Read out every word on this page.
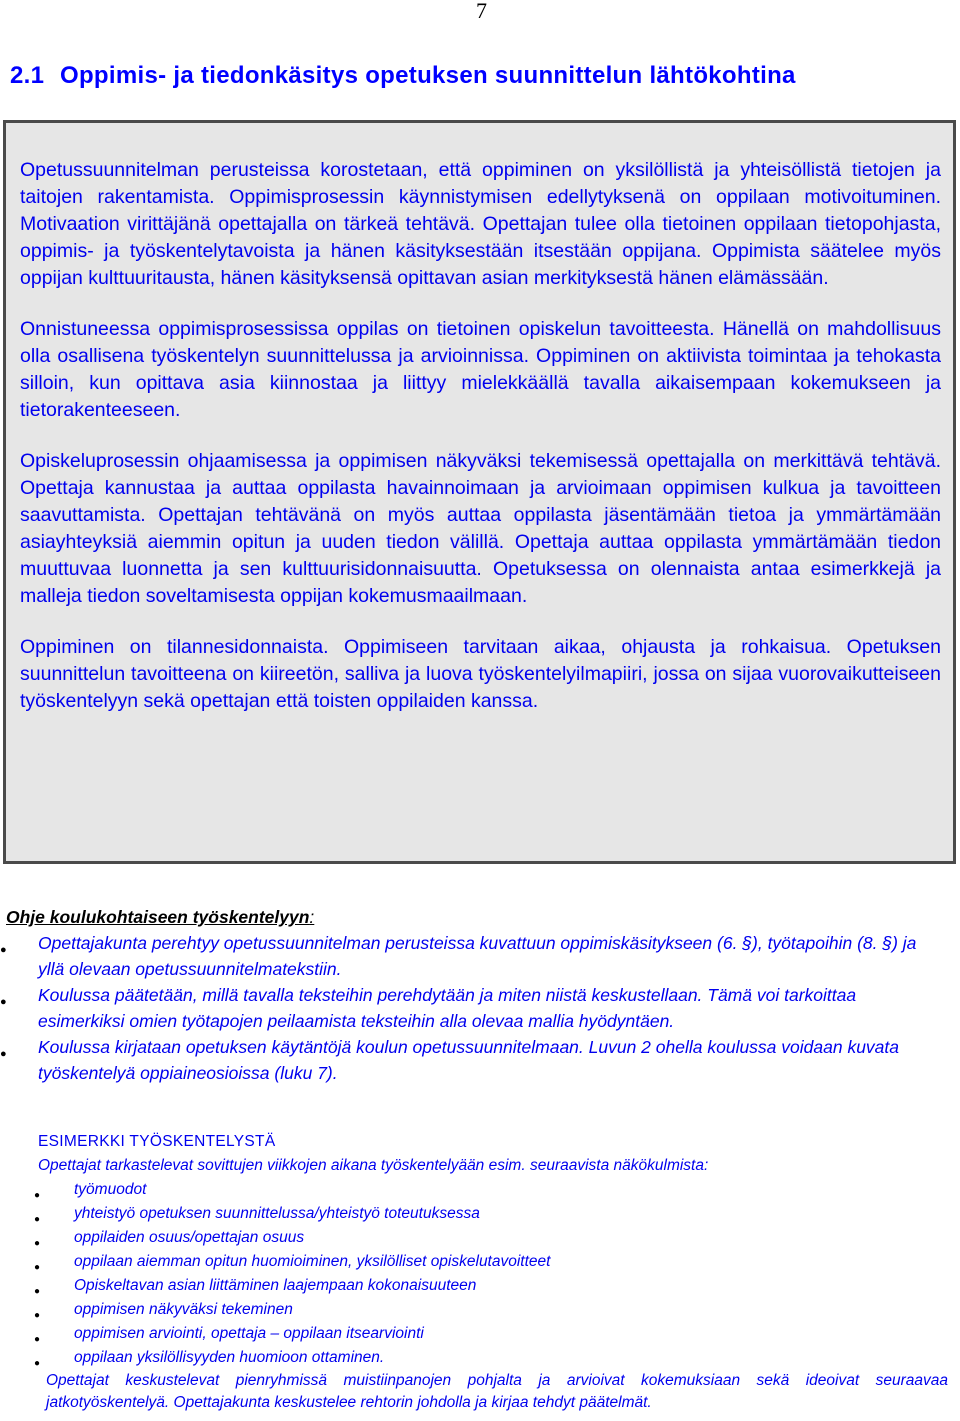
7
2.1 Oppimis- ja tiedonkäsitys opetuksen suunnittelun lähtökohtina

Opetussuunnitelman perusteissa korostetaan, että oppiminen on yksilöllistä ja yhteisöllistä tietojen ja taitojen rakentamista. Oppimisprosessin käynnistymisen edellytyksenä on oppilaan motivoituminen. Motivaation virittäjänä opettajalla on tärkeä tehtävä. Opettajan tulee olla tietoinen oppilaan tietopohjasta, oppimis- ja työskentelytavoista ja hänen käsityksestään itsestään oppijana. Oppimista säätelee myös oppijan kulttuuritausta, hänen käsityksensä opittavan asian merkityksestä hänen elämässään.

Onnistuneessa oppimisprosessissa oppilas on tietoinen opiskelun tavoitteesta. Hänellä on mahdollisuus olla osallisena työskentelyn suunnittelussa ja arvioinnissa. Oppiminen on aktiivista toimintaa ja tehokasta silloin, kun opittava asia kiinnostaa ja liittyy mielekkäällä tavalla aikaisempaan kokemukseen ja tietorakenteeseen.

Opiskeluprosessin ohjaamisessa ja oppimisen näkyväksi tekemisessä opettajalla on merkittävä tehtävä. Opettaja kannustaa ja auttaa oppilasta havainnoimaan ja arvioimaan oppimisen kulkua ja tavoitteen saavuttamista. Opettajan tehtävänä on myös auttaa oppilasta jäsentämään tietoa ja ymmärtämään asiayhteyksiä aiemmin opitun ja uuden tiedon välillä. Opettaja auttaa oppilasta ymmärtämään tiedon muuttuvaa luonnetta ja sen kulttuurisidonnaisuutta. Opetuksessa on olennaista antaa esimerkkejä ja malleja tiedon soveltamisesta oppijan kokemusmaailmaan.

Oppiminen on tilannesidonnaista. Oppimiseen tarvitaan aikaa, ohjausta ja rohkaisua. Opetuksen suunnittelun tavoitteena on kiireetön, salliva ja luova työskentelyilmapiiri, jossa on sijaa vuorovaikutteiseen työskentelyyn sekä opettajan että toisten oppilaiden kanssa.

Ohje koulukohtaiseen työskentelyyn:

● Opettajakunta perehtyy opetussuunnitelman perusteissa kuvattuun oppimiskäsitykseen (6. §), työtapoihin (8. §) ja yllä olevaan opetussuunnitelmatekstiin.
● Koulussa päätetään, millä tavalla teksteihin perehdytään ja miten niistä keskustellaan. Tämä voi tarkoittaa esimerkiksi omien työtapojen peilaamista teksteihin alla olevaa mallia hyödyntäen.
● Koulussa kirjataan opetuksen käytäntöjä koulun opetussuunnitelmaan. Luvun 2 ohella koulussa voidaan kuvata työskentelyä oppiaineosioissa (luku 7).

ESIMERKKI TYÖSKENTELYSTÄ

Opettajat tarkastelevat sovittujen viikkojen aikana työskentelyään esim. seuraavista näkökulmista:

● työmuodot
● yhteistyö opetuksen suunnittelussa/yhteistyö toteutuksessa
● oppilaiden osuus/opettajan osuus
● oppilaan aiemman opitun huomioiminen, yksilölliset opiskelutavoitteet
● Opiskeltavan asian liittäminen laajempaan kokonaisuuteen
● oppimisen näkyväksi tekeminen
● oppimisen arviointi, opettaja – oppilaan itsearviointi
● oppilaan yksilöllisyyden huomioon ottaminen.

Opettajat keskustelevat pienryhmissä muistiinpanojen pohjalta ja arvioivat kokemuksiaan sekä ideoivat seuraavaa jatkotyöskentelyä. Opettajakunta keskustelee rehtorin johdolla ja kirjaa tehdyt päätelmät.
